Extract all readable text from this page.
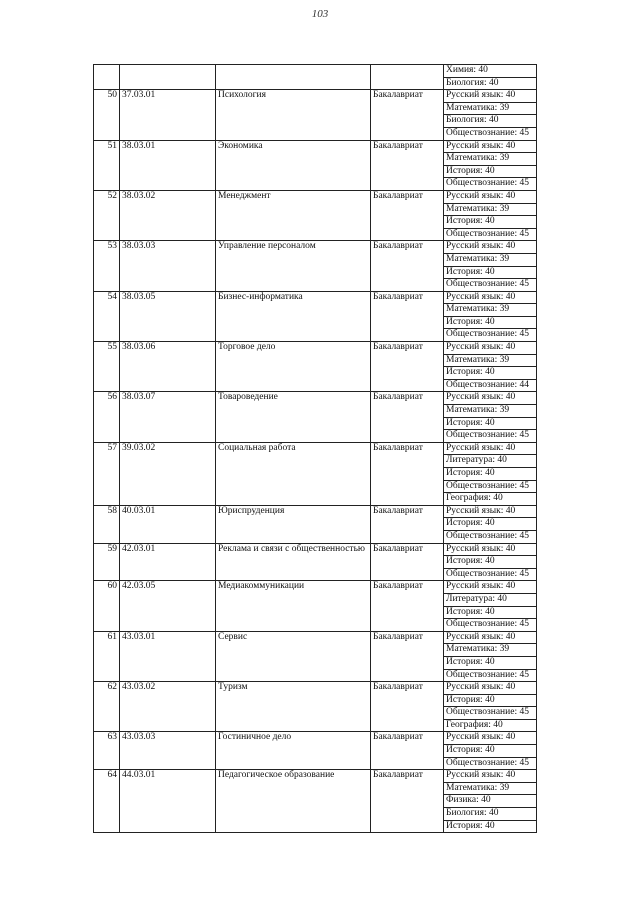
103
				Химия: 40
				Биология: 40
50	37.03.01	Психология	Бакалавриат	Русский язык: 40
				Математика: 39
				Биология: 40
				Обществознание: 45
51	38.03.01	Экономика	Бакалавриат	Русский язык: 40
				Математика: 39
				История: 40
				Обществознание: 45
52	38.03.02	Менеджмент	Бакалавриат	Русский язык: 40
				Математика: 39
				История: 40
				Обществознание: 45
53	38.03.03	Управление персоналом	Бакалавриат	Русский язык: 40
				Математика: 39
				История: 40
				Обществознание: 45
54	38.03.05	Бизнес-информатика	Бакалавриат	Русский язык: 40
				Математика: 39
				История: 40
				Обществознание: 45
55	38.03.06	Торговое дело	Бакалавриат	Русский язык: 40
				Математика: 39
				История: 40
				Обществознание: 44
56	38.03.07	Товароведение	Бакалавриат	Русский язык: 40
				Математика: 39
				История: 40
				Обществознание: 45
57	39.03.02	Социальная работа	Бакалавриат	Русский язык: 40
				Литература: 40
				История: 40
				Обществознание: 45
				География: 40
58	40.03.01	Юриспруденция	Бакалавриат	Русский язык: 40
				История: 40
				Обществознание: 45
59	42.03.01	Реклама и связи с общественностью	Бакалавриат	Русский язык: 40
				История: 40
				Обществознание: 45
60	42.03.05	Медиакоммуникации	Бакалавриат	Русский язык: 40
				Литература: 40
				История: 40
				Обществознание: 45
61	43.03.01	Сервис	Бакалавриат	Русский язык: 40
				Математика: 39
				История: 40
				Обществознание: 45
62	43.03.02	Туризм	Бакалавриат	Русский язык: 40
				История: 40
				Обществознание: 45
				География: 40
63	43.03.03	Гостиничное дело	Бакалавриат	Русский язык: 40
				История: 40
				Обществознание: 45
64	44.03.01	Педагогическое образование	Бакалавриат	Русский язык: 40
				Математика: 39
				Физика: 40
				Биология: 40
				История: 40
